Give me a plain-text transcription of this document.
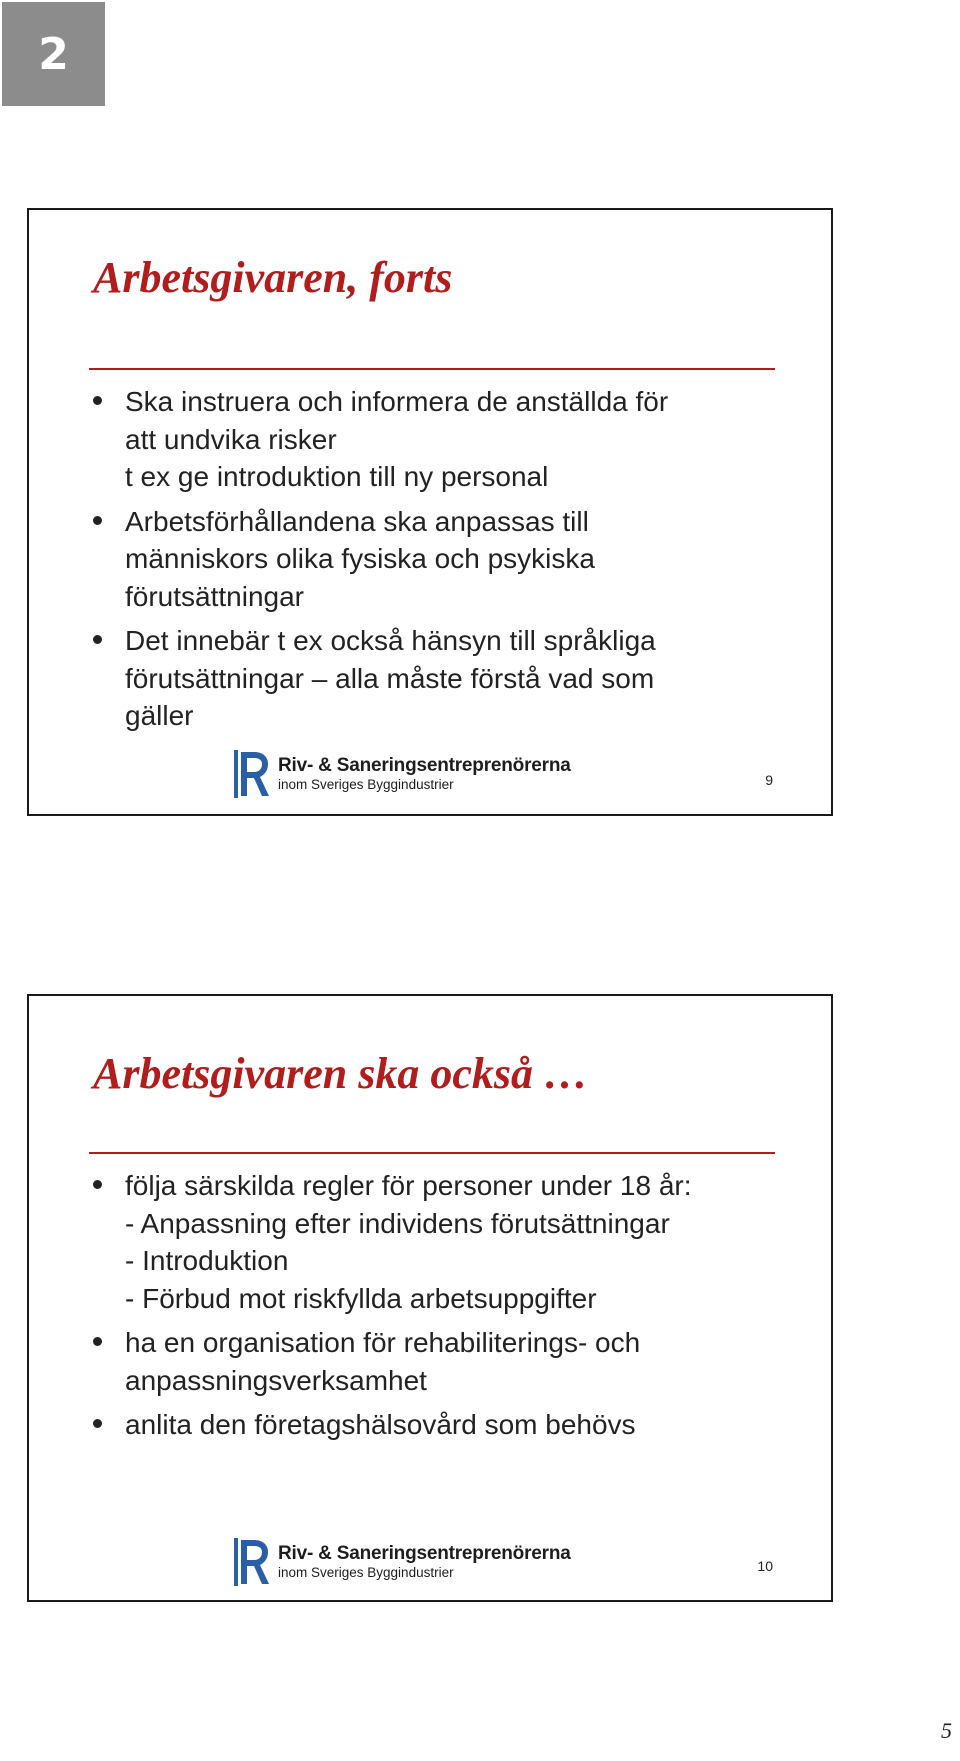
2
Arbetsgivaren, forts
Ska instruera och informera de anställda för
att undvika risker
t ex ge introduktion till ny personal
Arbetsförhållandena ska anpassas till
människors olika fysiska och psykiska
förutsättningar
Det innebär t ex också hänsyn till språkliga
förutsättningar – alla måste förstå vad som
gäller
Riv- & Saneringsentreprenörerna
inom Sveriges Byggindustrier	9
Arbetsgivaren ska också …
följa särskilda regler för personer under 18 år:
- Anpassning efter individens förutsättningar
- Introduktion
- Förbud mot riskfyllda arbetsuppgifter
ha en organisation för rehabiliterings- och
anpassningsverksamhet
anlita den företagshälsovård som behövs
Riv- & Saneringsentreprenörerna
inom Sveriges Byggindustrier	10
5
